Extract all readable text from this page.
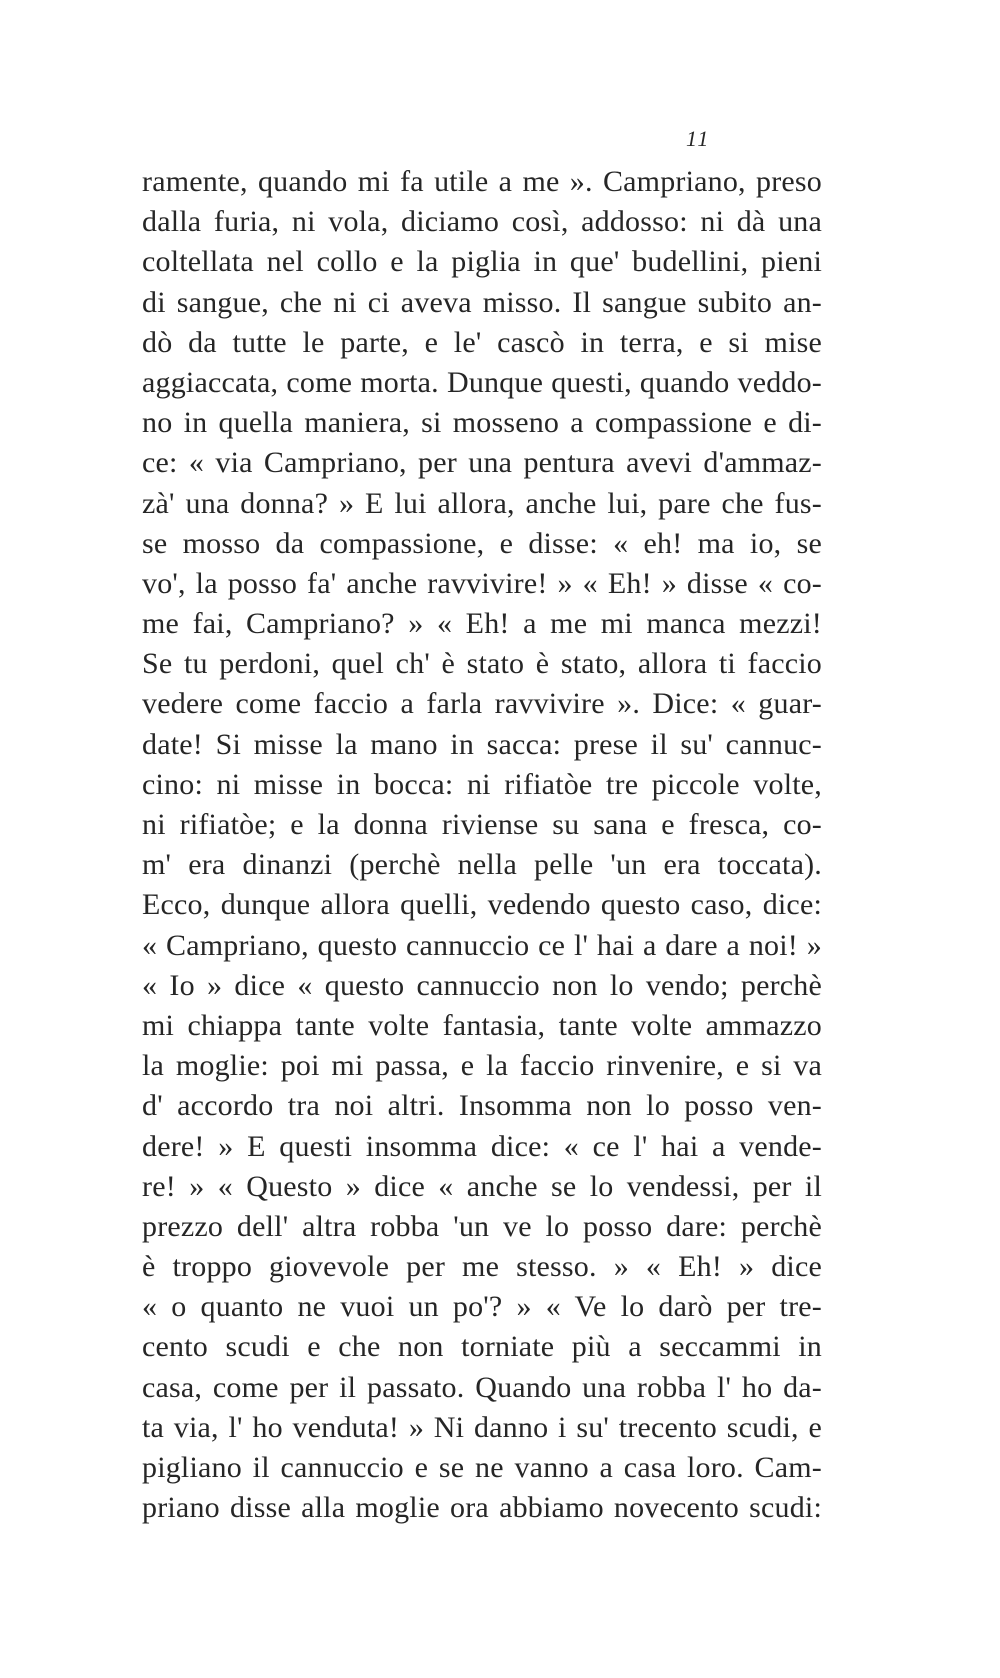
11
ramente, quando mi fa utile a me ». Campriano, preso
dalla furia, ni vola, diciamo così, addosso: ni dà una
coltellata nel collo e la piglia in que' budellini, pieni
di sangue, che ni ci aveva misso. Il sangue subito an-
dò da tutte le parte, e le' cascò in terra, e si mise
aggiaccata, come morta. Dunque questi, quando veddo-
no in quella maniera, si mosseno a compassione e di-
ce: « via Campriano, per una pentura avevi d'ammaz-
zà' una donna? » E lui allora, anche lui, pare che fus-
se mosso da compassione, e disse: « eh! ma io, se
vo', la posso fa' anche ravvivire! » « Eh! » disse « co-
me fai, Campriano? » « Eh! a me mi manca mezzi!
Se tu perdoni, quel ch' è stato è stato, allora ti faccio
vedere come faccio a farla ravvivire ». Dice: « guar-
date! Si misse la mano in sacca: prese il su' cannuc-
cino: ni misse in bocca: ni rifiatòe tre piccole volte,
ni rifiatòe; e la donna riviense su sana e fresca, co-
m' era dinanzi (perchè nella pelle 'un era toccata).
Ecco, dunque allora quelli, vedendo questo caso, dice:
« Campriano, questo cannuccio ce l' hai a dare a noi! »
« Io » dice « questo cannuccio non lo vendo; perchè
mi chiappa tante volte fantasia, tante volte ammazzo
la moglie: poi mi passa, e la faccio rinvenire, e si va
d' accordo tra noi altri. Insomma non lo posso ven-
dere! » E questi insomma dice: « ce l' hai a vende-
re! » « Questo » dice « anche se lo vendessi, per il
prezzo dell' altra robba 'un ve lo posso dare: perchè
è troppo giovevole per me stesso. » « Eh! » dice
« o quanto ne vuoi un po'? » « Ve lo darò per tre-
cento scudi e che non torniate più a seccammi in
casa, come per il passato. Quando una robba l' ho da-
ta via, l' ho venduta! » Ni danno i su' trecento scudi, e
pigliano il cannuccio e se ne vanno a casa loro. Cam-
priano disse alla moglie ora abbiamo novecento scudi:
